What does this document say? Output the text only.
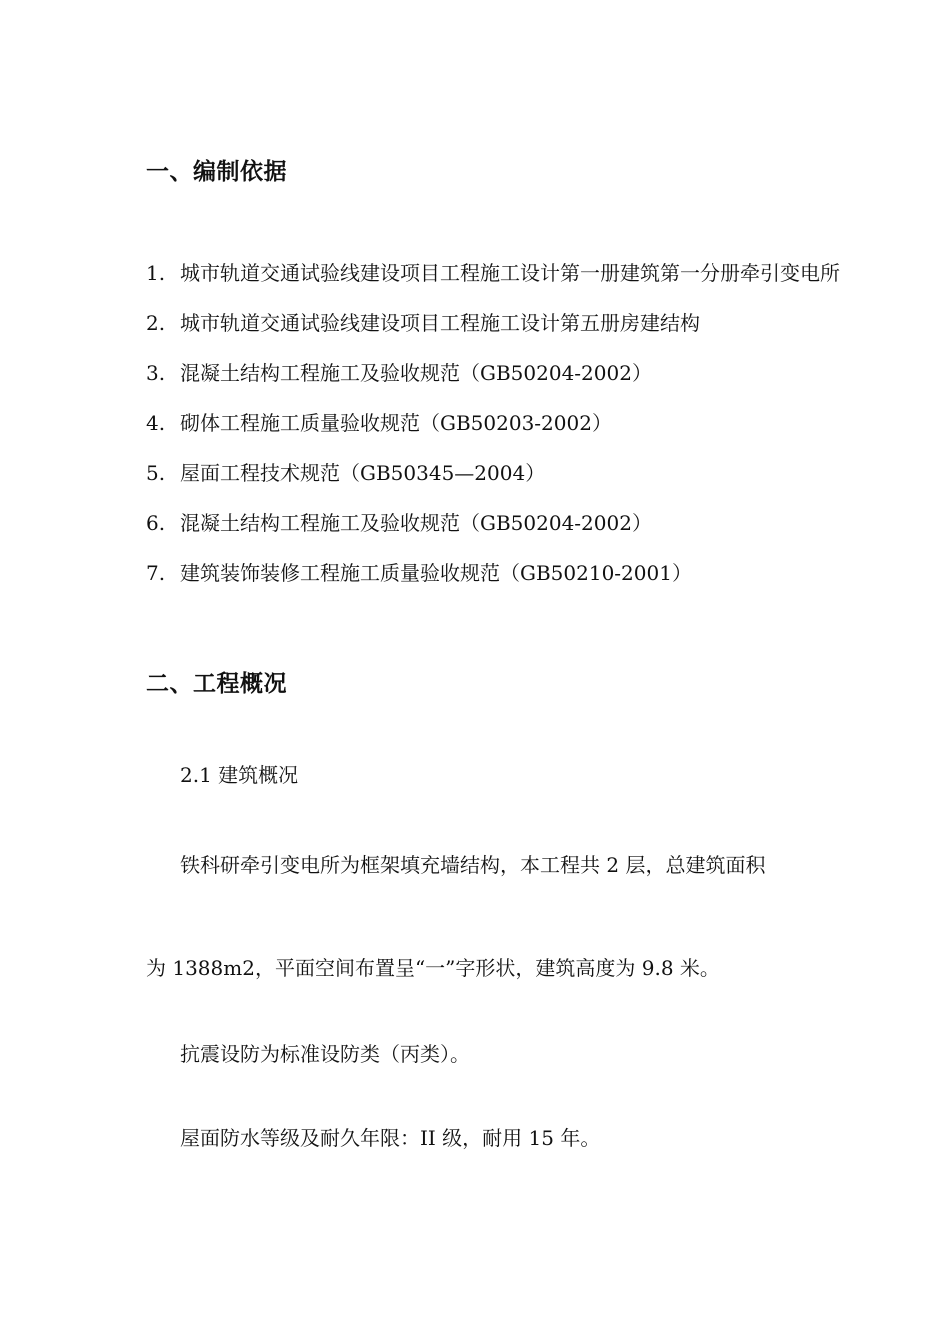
一、编制依据
1. 城市轨道交通试验线建设项目工程施工设计第一册建筑第一分册牵引变电所
2. 城市轨道交通试验线建设项目工程施工设计第五册房建结构
3. 混凝土结构工程施工及验收规范（GB50204-2002）
4. 砌体工程施工质量验收规范（GB50203-2002）
5. 屋面工程技术规范（GB50345—2004）
6. 混凝土结构工程施工及验收规范（GB50204-2002）
7. 建筑装饰装修工程施工质量验收规范（GB50210-2001）
二、工程概况

2.1 建筑概况

铁科研牵引变电所为框架填充墙结构，本工程共 2 层，总建筑面积

为 1388m2，平面空间布置呈“一”字形状，建筑高度为 9.8 米。

抗震设防为标准设防类（丙类）。

屋面防水等级及耐久年限：II 级，耐用 15 年。
